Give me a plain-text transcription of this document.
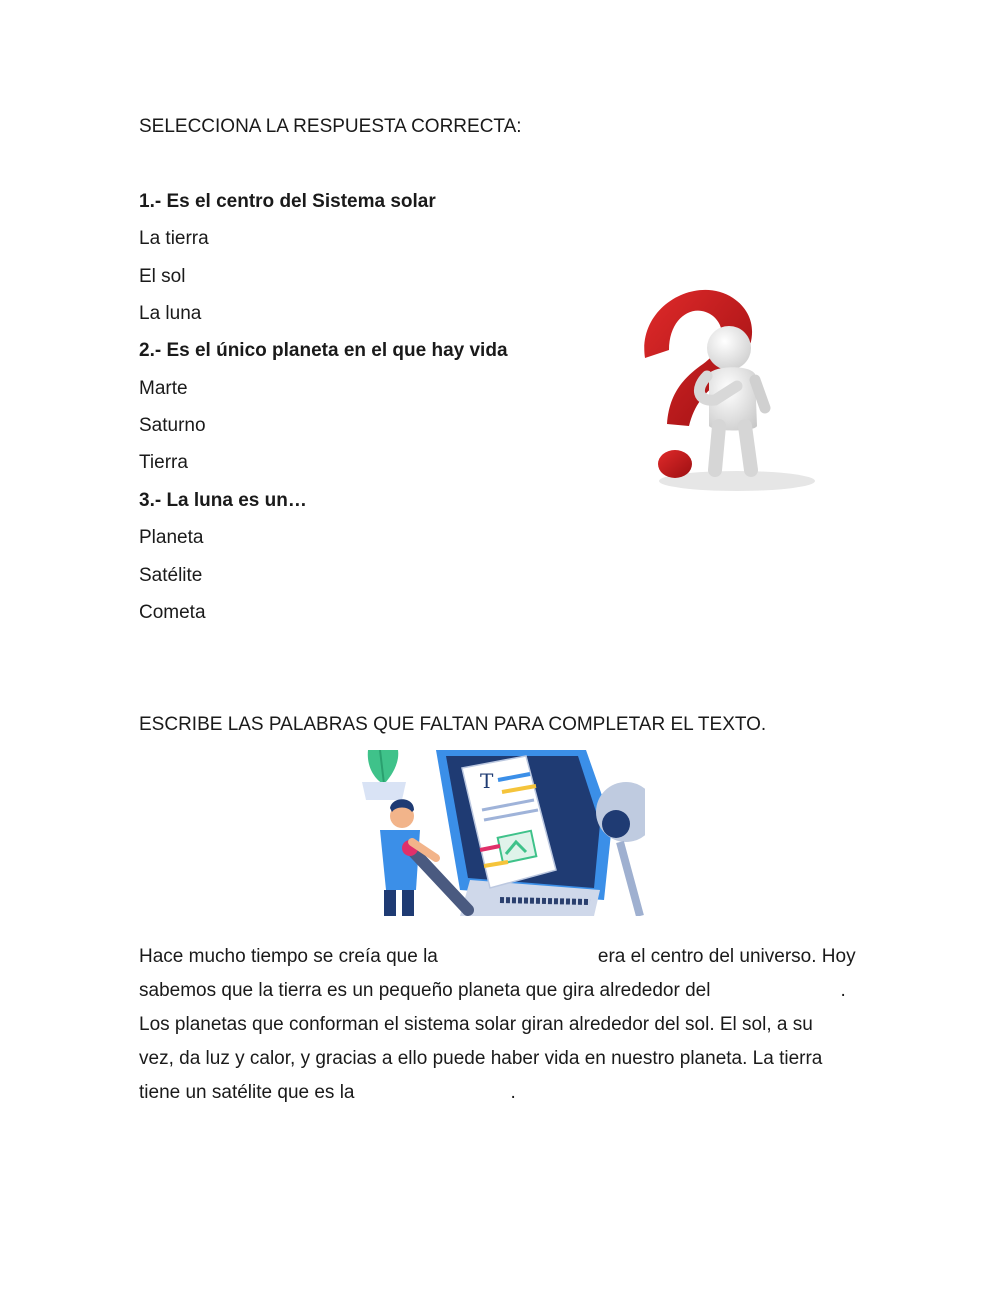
SELECCIONA LA RESPUESTA CORRECTA:
1.- Es el centro del Sistema solar
La tierra
El sol
La luna
2.- Es el único planeta en el que hay vida
Marte
Saturno
Tierra
3.- La luna es un…
Planeta
Satélite
Cometa
ESCRIBE LAS PALABRAS QUE FALTAN PARA COMPLETAR EL TEXTO.
T
Hace mucho tiempo se creía que la	era el centro del universo. Hoy
sabemos que la tierra es un pequeño planeta que gira alrededor del	.
Los planetas que conforman el sistema solar giran alrededor del sol. El sol, a su
vez, da luz y calor, y gracias a ello puede haber vida en nuestro planeta. La tierra
tiene un satélite que es la	.
